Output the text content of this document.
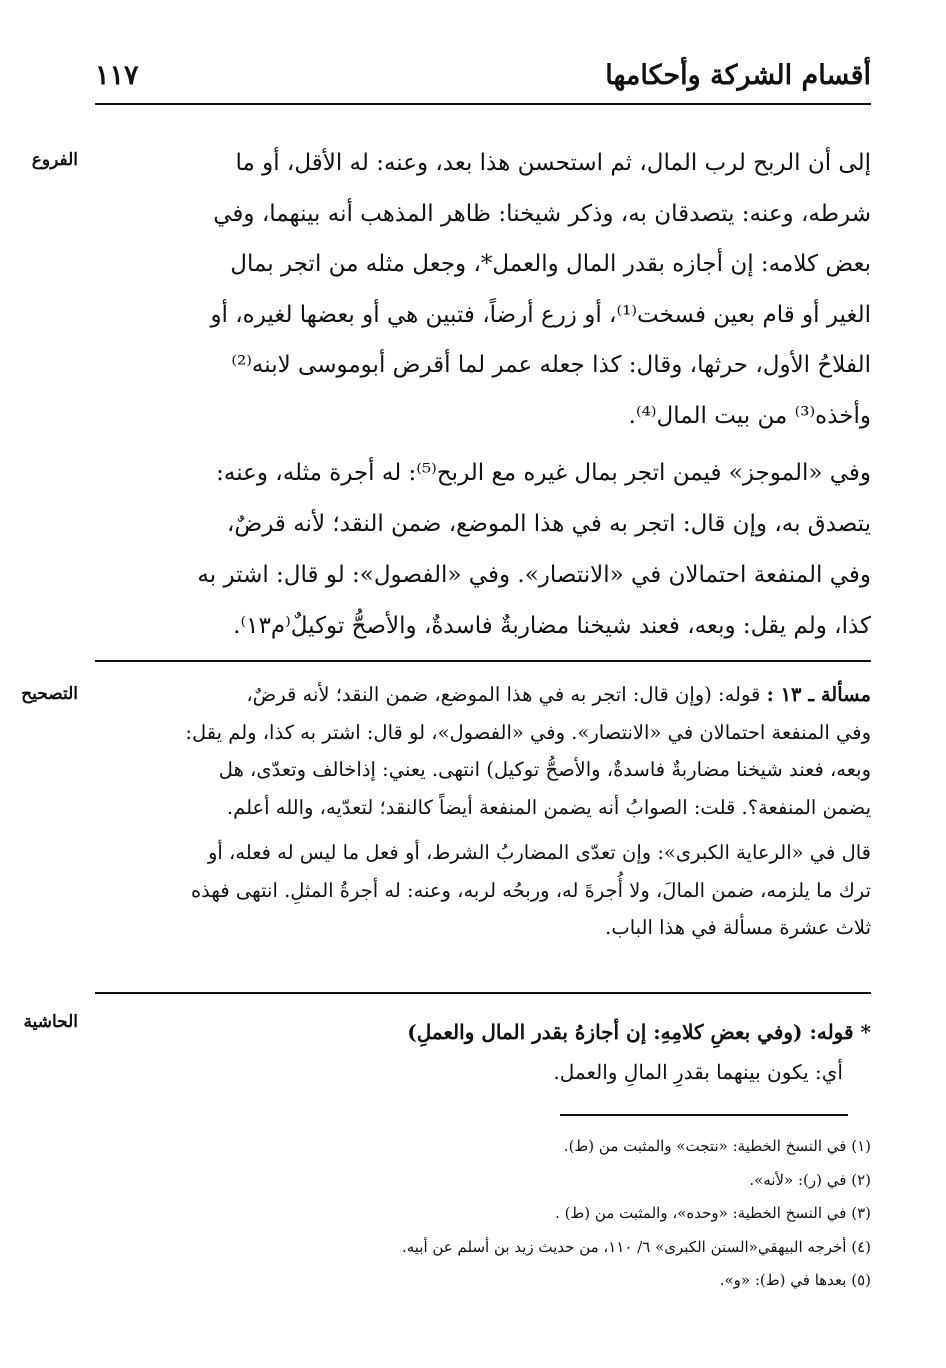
أقسام الشركة وأحكامها
١١٧
الفروع
التصحيح
الحاشية
إلى أن الربح لرب المال، ثم استحسن هذا بعد، وعنه: له الأقل، أو ما
شرطه، وعنه: يتصدقان به، وذكر شيخنا: ظاهر المذهب أنه بينهما، وفي
بعض كلامه: إن أجازه بقدر المال والعمل*، وجعل مثله من اتجر بمال
الغير أو قام بعين فسخت⁽¹⁾، أو زرع أرضاً، فتبين هي أو بعضها لغيره، أو
الفلاحُ الأول، حرثها، وقال: كذا جعله عمر لما أقرض أبوموسى لابنه⁽²⁾
وأخذه⁽³⁾ من بيت المال⁽⁴⁾.
وفي «الموجز» فيمن اتجر بمال غيره مع الربح⁽⁵⁾: له أجرة مثله، وعنه:
يتصدق به، وإن قال: اتجر به في هذا الموضع، ضمن النقد؛ لأنه قرضٌ،
وفي المنفعة احتمالان في «الانتصار». وفي «الفصول»: لو قال: اشتر به
كذا، ولم يقل: وبعه، فعند شيخنا مضاربةٌ فاسدةٌ، والأصحُّ توكيلٌ⁽م١٣⁾.
مسألة ـ ١٣ : قوله: (وإن قال: اتجر به في هذا الموضع، ضمن النقد؛ لأنه قرضٌ،
وفي المنفعة احتمالان في «الانتصار». وفي «الفصول»، لو قال: اشتر به كذا، ولم يقل:
وبعه، فعند شيخنا مضاربةٌ فاسدةٌ، والأصحُّ توكيل) انتهى. يعني: إذاخالف وتعدّى، هل
يضمن المنفعة؟. قلت: الصوابُ أنه يضمن المنفعة أيضاً كالنقد؛ لتعدّيه، والله أعلم.
قال في «الرعاية الكبرى»: وإن تعدّى المضاربُ الشرط، أو فعل ما ليس له فعله، أو
ترك ما يلزمه، ضمن المالَ، ولا أُجرةَ له، وربحُه لربه، وعنه: له أجرةُ المثلِ. انتهى فهذه
ثلاث عشرة مسألة في هذا الباب.
* قوله: (وفي بعضِ كلامِهِ: إن أجازهُ بقدر المال والعملِ)
أي: يكون بينهما بقدرِ المالِ والعمل.
(١) في النسخ الخطية: «نتجت» والمثبت من (ط).
(٢) في (ر): «لأنه».
(٣) في النسخ الخطية: «وحده»، والمثبت من (ط) .
(٤) أخرجه البيهقي«السنن الكبرى» ٦/ ١١٠، من حديث زيد بن أسلم عن أبيه.
(٥) بعدها في (ط): «و».
